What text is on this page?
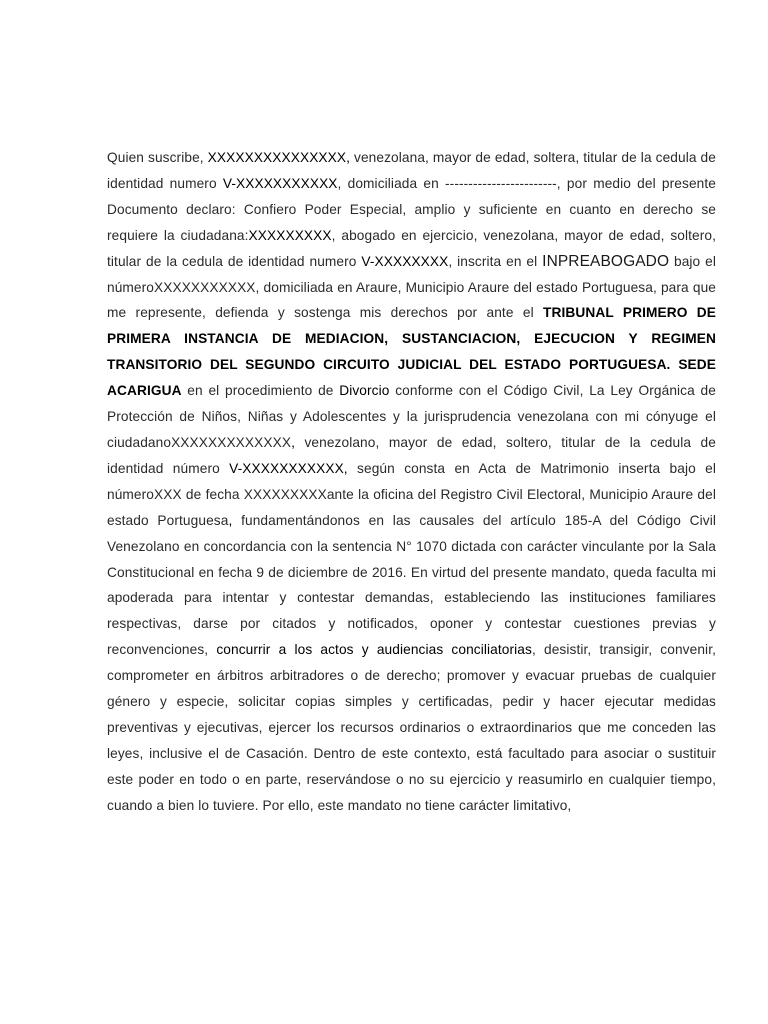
Quien suscribe, XXXXXXXXXXXXXXX, venezolana, mayor de edad, soltera, titular de la cedula de identidad numero V-XXXXXXXXXXX, domiciliada en ------------------------, por medio del presente Documento declaro: Confiero Poder Especial, amplio y suficiente en cuanto en derecho se requiere la ciudadana:XXXXXXXXX, abogado en ejercicio, venezolana, mayor de edad, soltero, titular de la cedula de identidad numero V-XXXXXXXX, inscrita en el INPREABOGADO bajo el númeroXXXXXXXXXXX, domiciliada en Araure, Municipio Araure del estado Portuguesa, para que me represente, defienda y sostenga mis derechos por ante el TRIBUNAL PRIMERO DE PRIMERA INSTANCIA DE MEDIACION, SUSTANCIACION, EJECUCION Y REGIMEN TRANSITORIO DEL SEGUNDO CIRCUITO JUDICIAL DEL ESTADO PORTUGUESA. SEDE ACARIGUA en el procedimiento de Divorcio conforme con el Código Civil, La Ley Orgánica de Protección de Niños, Niñas y Adolescentes y la jurisprudencia venezolana con mi cónyuge el ciudadanoXXXXXXXXXXXXX, venezolano, mayor de edad, soltero, titular de la cedula de identidad número V-XXXXXXXXXXX, según consta en Acta de Matrimonio inserta bajo el númeroXXX de fecha XXXXXXXXXante la oficina del Registro Civil Electoral, Municipio Araure del estado Portuguesa, fundamentándonos en las causales del artículo 185-A del Código Civil Venezolano en concordancia con la sentencia N° 1070 dictada con carácter vinculante por la Sala Constitucional en fecha 9 de diciembre de 2016. En virtud del presente mandato, queda faculta mi apoderada para intentar y contestar demandas, estableciendo las instituciones familiares respectivas, darse por citados y notificados, oponer y contestar cuestiones previas y reconvenciones, concurrir a los actos y audiencias conciliatorias, desistir, transigir, convenir, comprometer en árbitros arbitradores o de derecho; promover y evacuar pruebas de cualquier género y especie, solicitar copias simples y certificadas, pedir y hacer ejecutar medidas preventivas y ejecutivas, ejercer los recursos ordinarios o extraordinarios que me conceden las leyes, inclusive el de Casación. Dentro de este contexto, está facultado para asociar o sustituir este poder en todo o en parte, reservándose o no su ejercicio y reasumirlo en cualquier tiempo, cuando a bien lo tuviere. Por ello, este mandato no tiene carácter limitativo,
